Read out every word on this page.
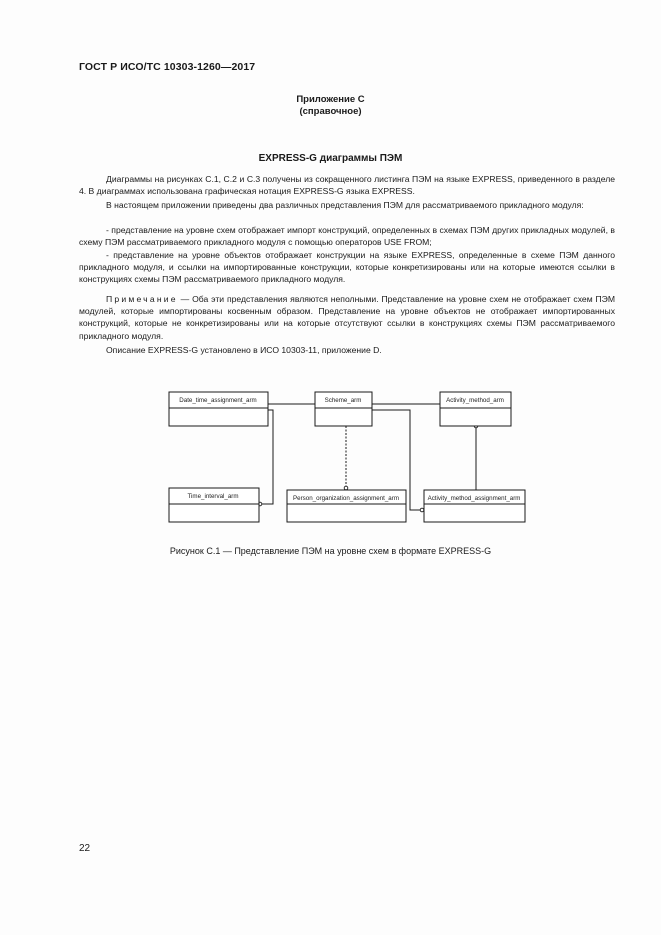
ГОСТ Р ИСО/ТС 10303-1260—2017
Приложение С
(справочное)
EXPRESS-G диаграммы ПЭМ

Диаграммы на рисунках С.1, С.2 и С.3 получены из сокращенного листинга ПЭМ на языке EXPRESS, приведенного в разделе 4. В диаграммах использована графическая нотация EXPRESS-G языка EXPRESS.

В настоящем приложении приведены два различных представления ПЭМ для рассматриваемого прикладного модуля:

- представление на уровне схем отображает импорт конструкций, определенных в схемах ПЭМ других прикладных модулей, в схему ПЭМ рассматриваемого прикладного модуля с помощью операторов USE FROM;

- представление на уровне объектов отображает конструкции на языке EXPRESS, определенные в схеме ПЭМ данного прикладного модуля, и ссылки на импортированные конструкции, которые конкретизированы или на которые имеются ссылки в конструкциях схемы ПЭМ рассматриваемого прикладного модуля.

Примечание — Оба эти представления являются неполными. Представление на уровне схем не отображает схем ПЭМ модулей, которые импортированы косвенным образом. Представление на уровне объектов не отображает импортированных конструкций, которые не конкретизированы или на которые отсутствуют ссылки в конструкциях схемы ПЭМ рассматриваемого прикладного модуля.

Описание EXPRESS-G установлено в ИСО 10303-11, приложение D.

Date_time_assignment_arm	Scheme_arm	Activity_method_arm
Time_interval_arm	Person_organization_assignment_arm	Activity_method_assignment_arm
Рисунок С.1 — Представление ПЭМ на уровне схем в формате EXPRESS-G
22
